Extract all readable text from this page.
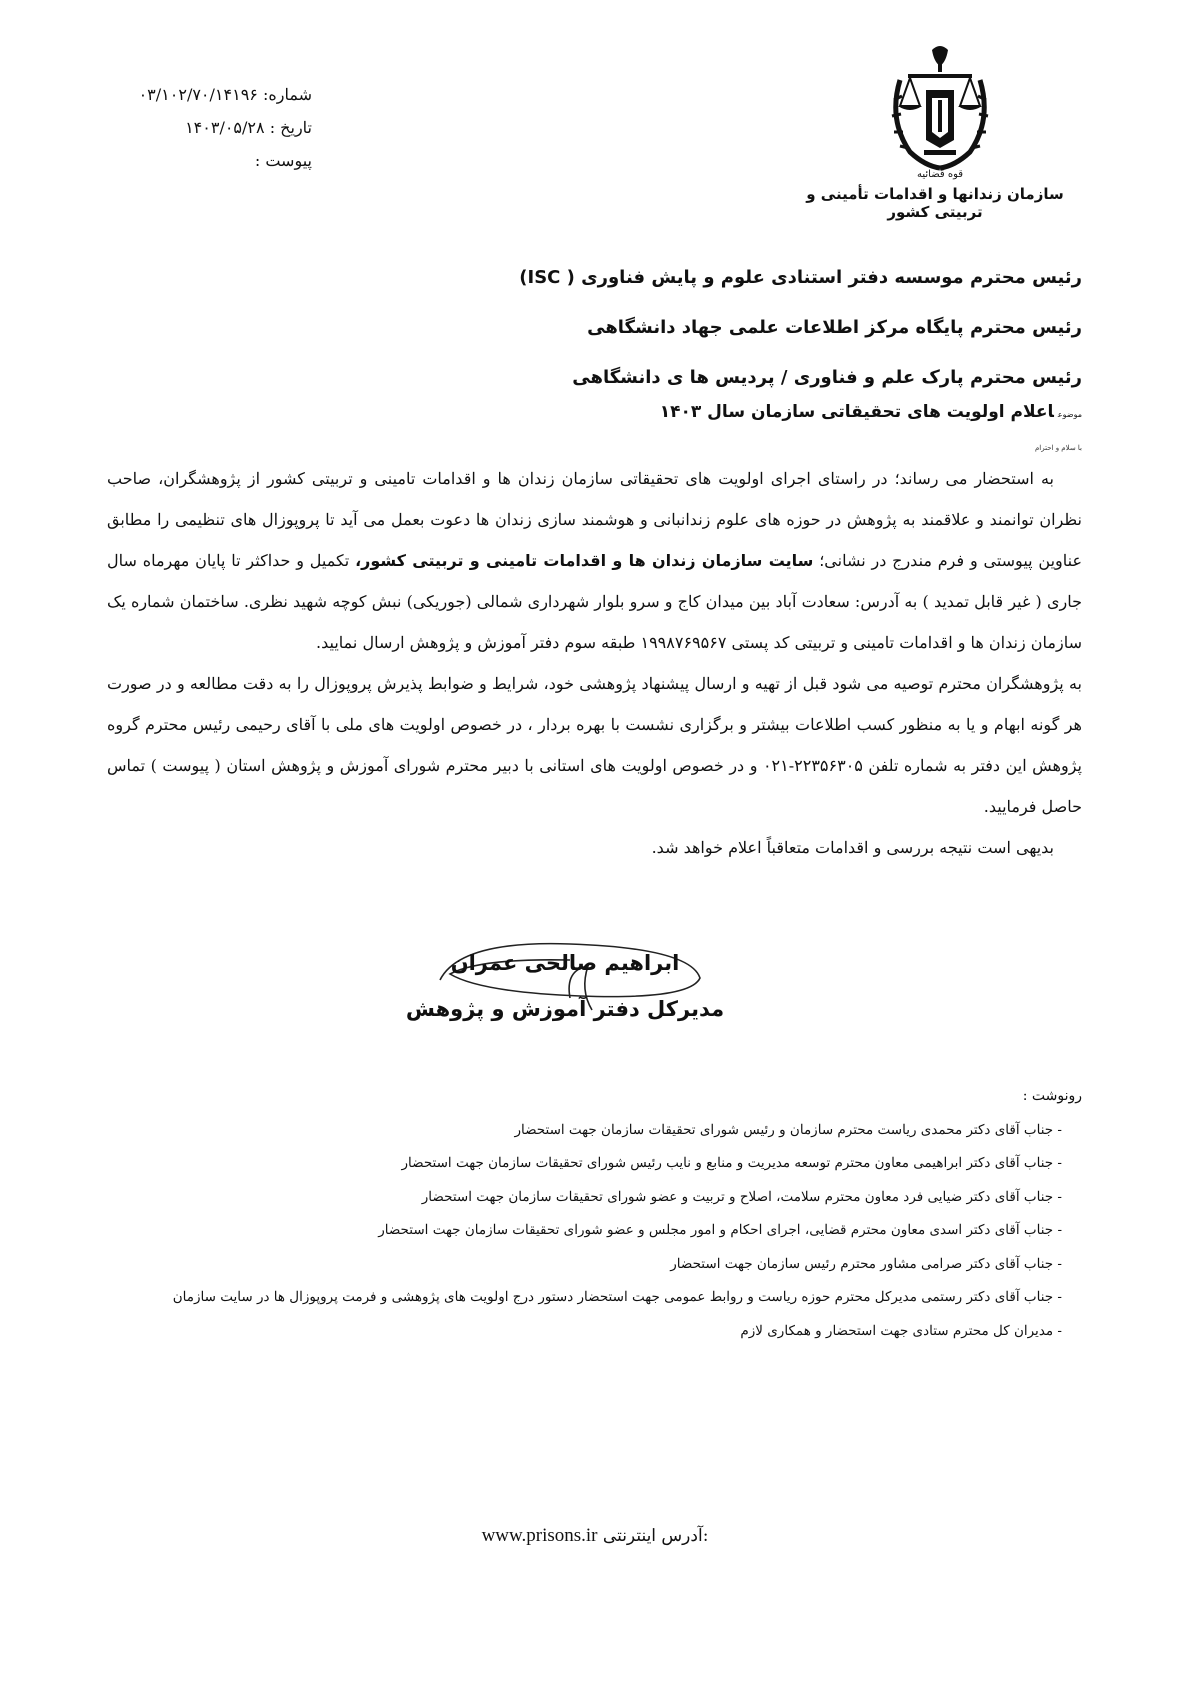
شماره: ۰۳/۱۰۲/۷۰/۱۴۱۹۶
تاریخ : ۱۴۰۳/۰۵/۲۸
پیوست :
قوه قضائیه
سازمان زندانها و اقدامات تأمینی و تربیتی کشور
رئیس محترم موسسه دفتر استنادی علوم و پایش فناوری ( ISC)
رئیس محترم پایگاه مرکز اطلاعات علمی جهاد دانشگاهی
رئیس محترم پارک علم و فناوری / پردیس ها ی دانشگاهی
موضوعاعلام اولویت های تحقیقاتی سازمان سال ۱۴۰۳
با سلام و احترام

به استحضار می رساند؛ در راستای اجرای اولویت های تحقیقاتی سازمان زندان ها و اقدامات تامینی و تربیتی کشور از پژوهشگران، صاحب نظران توانمند و علاقمند به پژوهش در حوزه های علوم زندانبانی و هوشمند سازی زندان ها دعوت بعمل می آید تا پروپوزال های تنظیمی را مطابق عناوین پیوستی و فرم مندرج در نشانی؛ سایت سازمان زندان ها و اقدامات تامینی و تربیتی کشور، تکمیل و حداکثر تا پایان مهرماه سال جاری ( غیر قابل تمدید ) به آدرس: سعادت آباد بین میدان کاج و سرو بلوار شهرداری شمالی (جوریکی) نبش کوچه شهید نظری. ساختمان شماره یک سازمان زندان ها و اقدامات تامینی و تربیتی کد پستی ۱۹۹۸۷۶۹۵۶۷ طبقه سوم دفتر آموزش و پژوهش ارسال نمایید.

به پژوهشگران محترم توصیه می شود قبل از تهیه و ارسال پیشنهاد پژوهشی خود، شرایط و ضوابط پذیرش پروپوزال را به دقت مطالعه و در صورت هر گونه ابهام و یا به منظور کسب اطلاعات بیشتر و برگزاری نشست با بهره بردار ، در خصوص اولویت های ملی با آقای رحیمی رئیس محترم گروه پژوهش این دفتر به شماره تلفن ۲۲۳۵۶۳۰۵-۰۲۱ و در خصوص اولویت های استانی با دبیر محترم شورای آموزش و پژوهش استان ( پیوست ) تماس حاصل فرمایید.

بدیهی است نتیجه بررسی و اقدامات متعاقباً اعلام خواهد شد.

ابراهیم صالحی عمران
مدیرکل دفتر آموزش و پژوهش
رونوشت :
- جناب آقای دکتر محمدی ریاست محترم سازمان و رئیس شورای تحقیقات سازمان جهت استحضار
- جناب آقای دکتر ابراهیمی معاون محترم توسعه مدیریت و منابع و نایب رئیس شورای تحقیقات سازمان جهت استحضار
- جناب آقای دکتر ضیایی فرد معاون محترم سلامت، اصلاح و تربیت و عضو شورای تحقیقات سازمان جهت استحضار
- جناب آقای دکتر اسدی معاون محترم قضایی، اجرای احکام و امور مجلس و عضو شورای تحقیقات سازمان جهت استحضار
- جناب آقای دکتر صرامی مشاور محترم رئیس سازمان جهت استحضار
- جناب آقای دکتر رستمی مدیرکل محترم حوزه ریاست و روابط عمومی جهت استحضار دستور درج اولویت های پژوهشی و فرمت پروپوزال ها در سایت سازمان
- مدیران کل محترم ستادی جهت استحضار و همکاری لازم
www.prisons.ir آدرس اینترنتی:
